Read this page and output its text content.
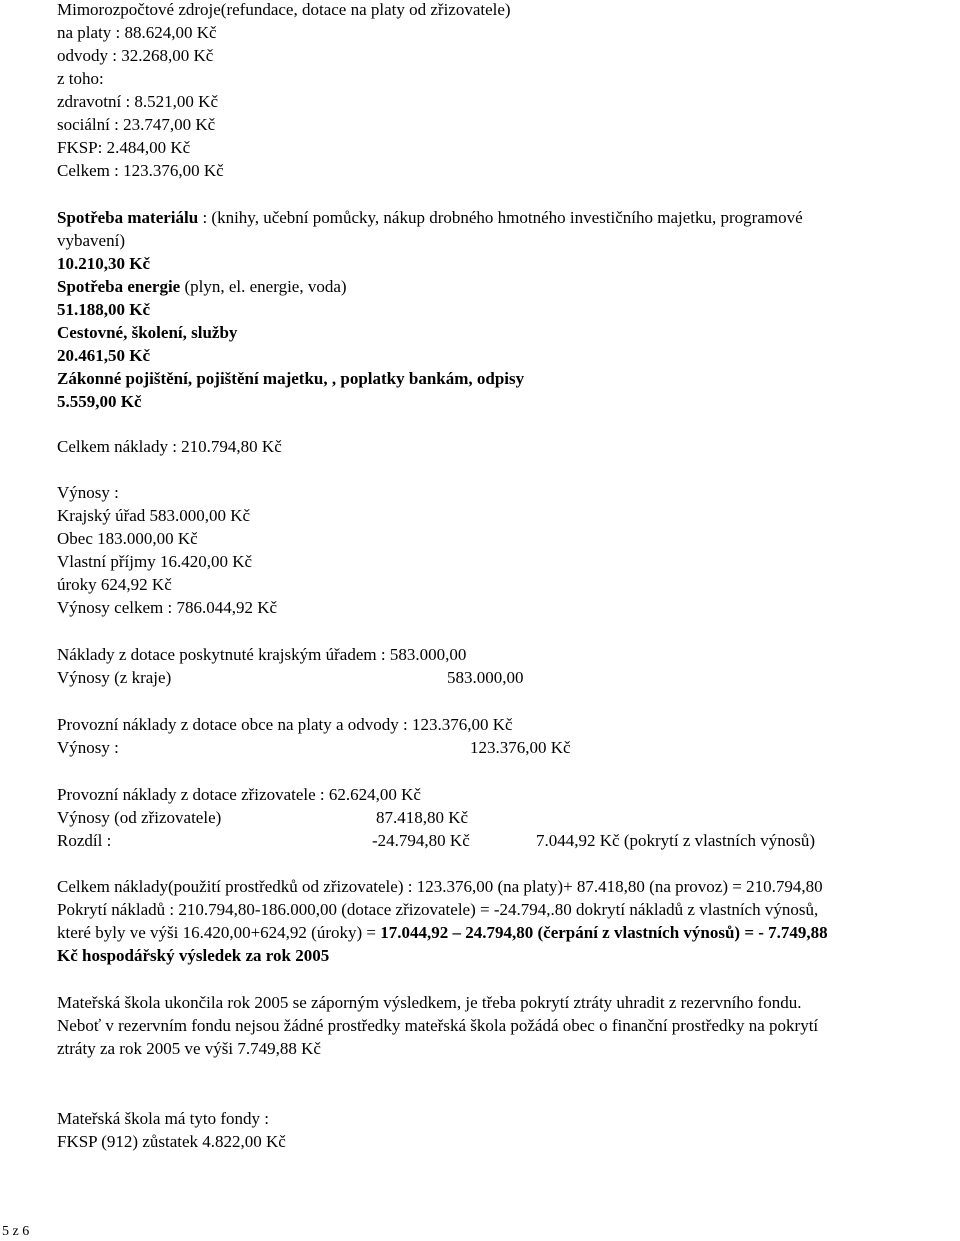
Mimorozpočtové zdroje(refundace, dotace na platy od zřizovatele)
na platy : 88.624,00 Kč
odvody : 32.268,00 Kč
z toho:
zdravotní : 8.521,00 Kč
sociální : 23.747,00 Kč
FKSP: 2.484,00 Kč
Celkem : 123.376,00 Kč
Spotřeba materiálu : (knihy, učební pomůcky, nákup drobného hmotného investičního majetku, programové
vybavení)
10.210,30 Kč
Spotřeba energie (plyn, el. energie, voda)
51.188,00 Kč
Cestovné, školení, služby
20.461,50 Kč
Zákonné pojištění, pojištění majetku, , poplatky bankám, odpisy
5.559,00 Kč
Celkem náklady : 210.794,80 Kč
Výnosy :
Krajský úřad 583.000,00 Kč
Obec 183.000,00 Kč
Vlastní příjmy 16.420,00 Kč
úroky 624,92 Kč
Výnosy celkem : 786.044,92 Kč
Náklady z dotace poskytnuté krajským úřadem : 583.000,00
Výnosy (z kraje)	583.000,00
Provozní náklady z dotace obce na platy a odvody : 123.376,00 Kč
Výnosy :	123.376,00 Kč
Provozní náklady z dotace zřizovatele : 62.624,00 Kč
Výnosy (od zřizovatele)	87.418,80 Kč
Rozdíl :	-24.794,80 Kč	7.044,92 Kč (pokrytí z vlastních výnosů)
Celkem náklady(použití prostředků od zřizovatele) : 123.376,00 (na platy)+ 87.418,80 (na provoz) = 210.794,80
Pokrytí nákladů : 210.794,80-186.000,00 (dotace zřizovatele) = -24.794,.80 dokrytí nákladů z vlastních výnosů,
které byly ve výši 16.420,00+624,92 (úroky) = 17.044,92 – 24.794,80 (čerpání z vlastních výnosů) = - 7.749,88
Kč hospodářský výsledek za rok 2005
Mateřská škola ukončila rok 2005 se záporným výsledkem, je třeba pokrytí ztráty uhradit z rezervního fondu.
Neboť v rezervním fondu nejsou žádné prostředky mateřská škola požádá obec o finanční prostředky na pokrytí
ztráty za rok 2005 ve výši 7.749,88 Kč
Mateřská škola má tyto fondy :
FKSP (912) zůstatek 4.822,00 Kč
5 z 6
